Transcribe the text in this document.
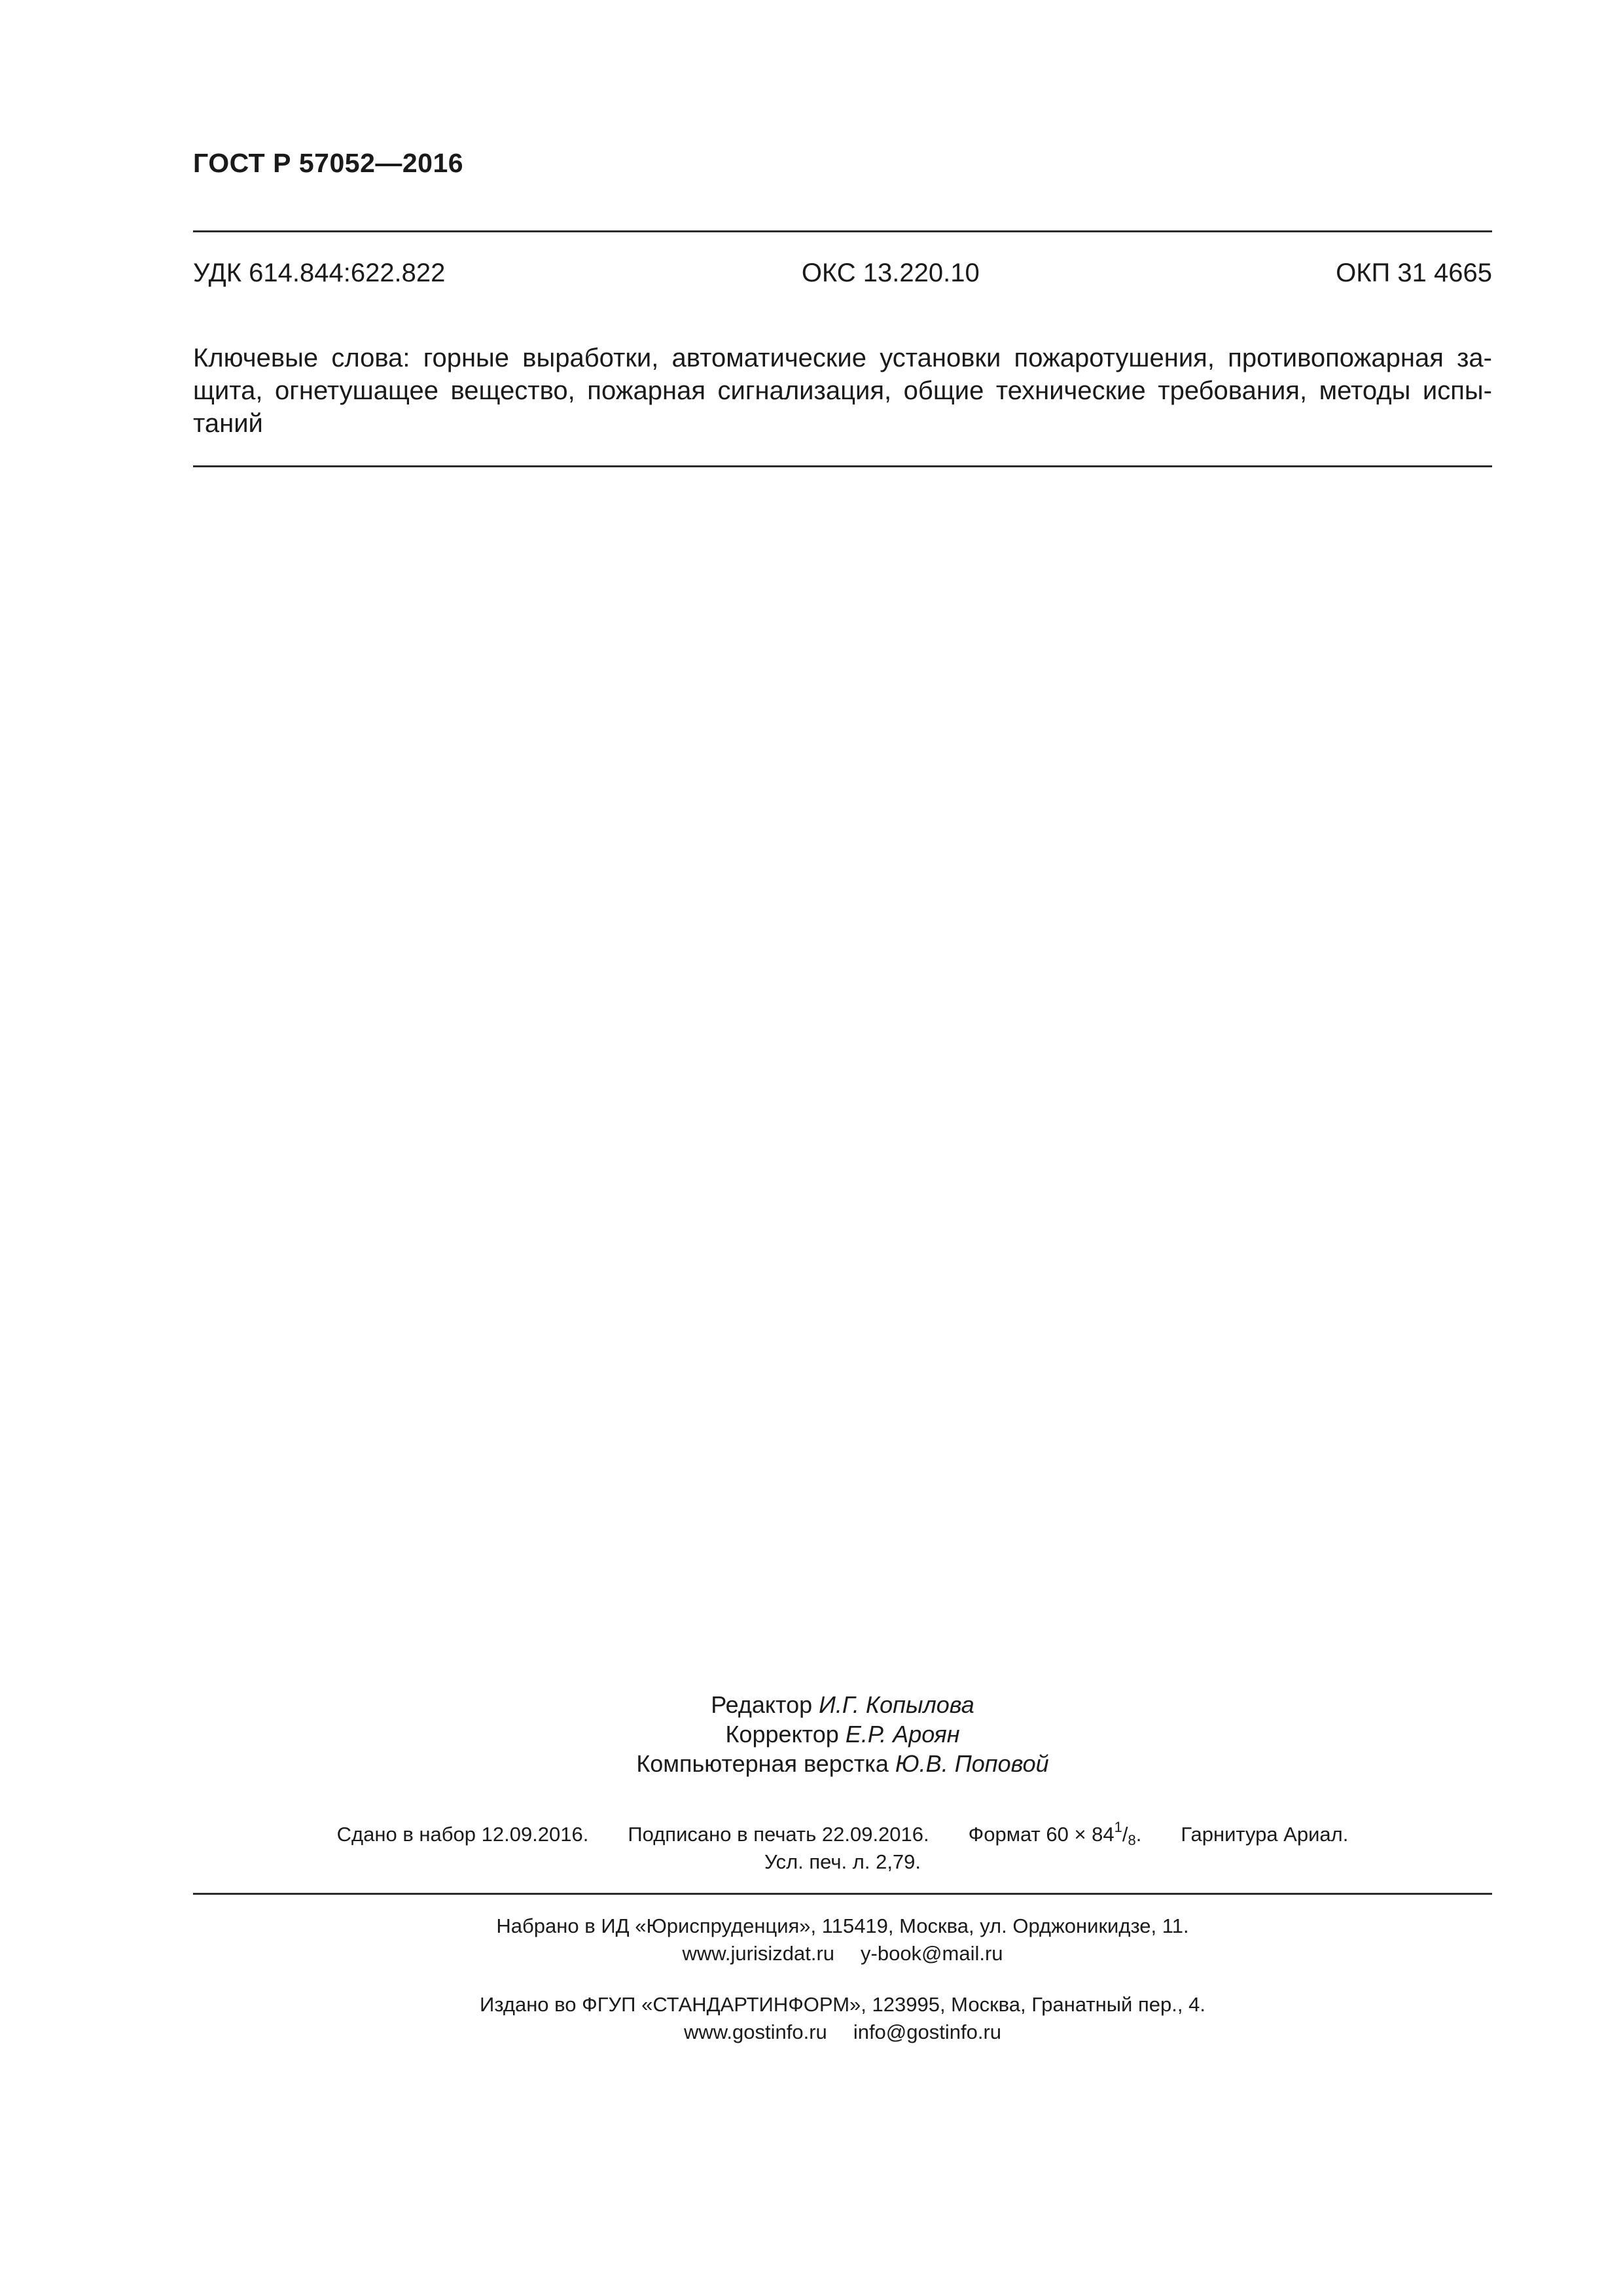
ГОСТ Р 57052—2016
УДК 614.844:622.822	ОКС 13.220.10	ОКП 31 4665
Ключевые слова: горные выработки, автоматические установки пожаротушения, противопожарная за-
щита, огнетушащее вещество, пожарная сигнализация, общие технические требования, методы испы-
таний
Редактор И.Г. Копылова
Корректор Е.Р. Ароян
Компьютерная верстка Ю.В. Поповой
Сдано в набор 12.09.2016. Подписано в печать 22.09.2016. Формат $60 \times 84^1/_8$. Гарнитура Ариал.
Усл. печ. л. 2,79.
Набрано в ИД «Юриспруденция», 115419, Москва, ул. Орджоникидзе, 11.
www.jurisizdat.ru y-book@mail.ru
Издано во ФГУП «СТАНДАРТИНФОРМ», 123995, Москва, Гранатный пер., 4.
www.gostinfo.ru info@gostinfo.ru
